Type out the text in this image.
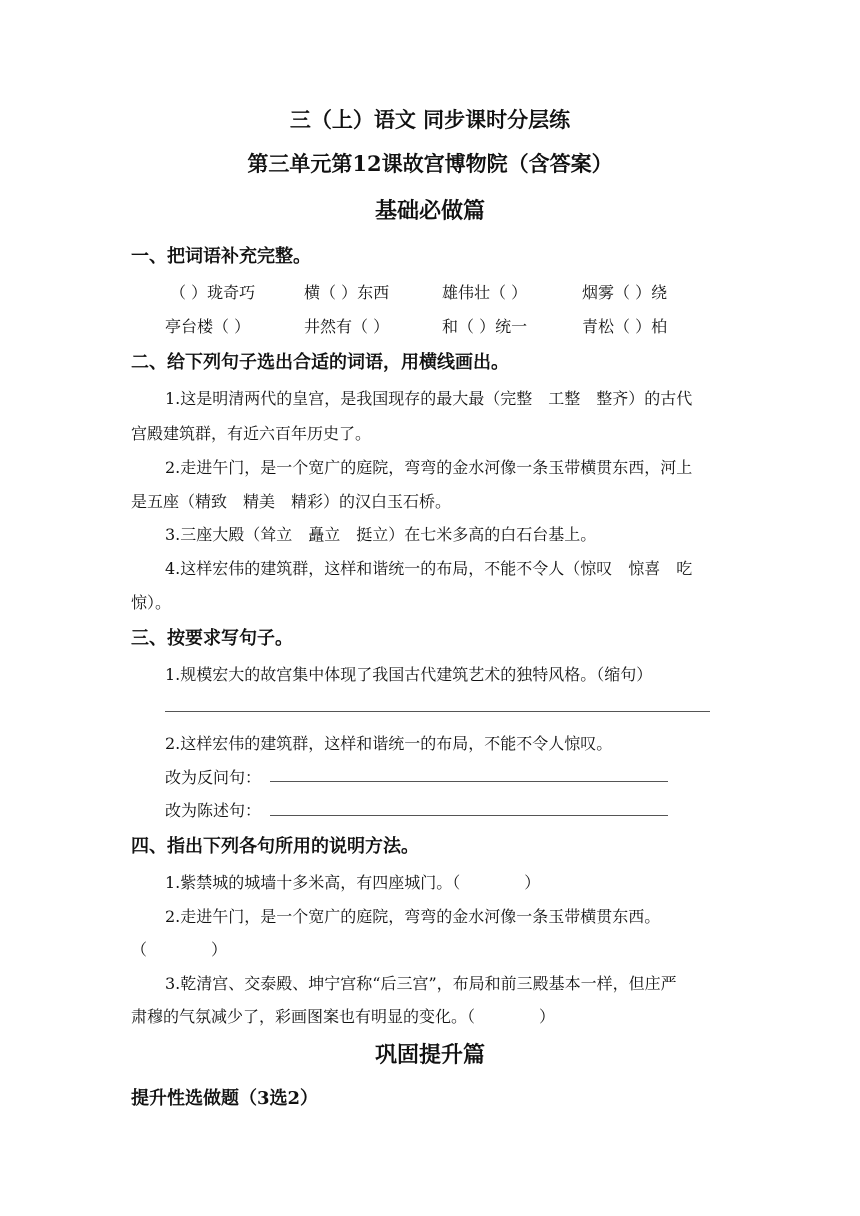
三（上）语文 同步课时分层练
第三单元第12课故宫博物院（含答案）
基础必做篇
一、把词语补充完整。
（ ）珑奇巧	横（ ）东西	雄伟壮（ ）	烟雾（ ）绕
亭台楼（ ）	井然有（ ）	和（ ）统一	青松（ ）柏
二、给下列句子选出合适的词语，用横线画出。
1.这是明清两代的皇宫，是我国现存的最大最（完整　工整　整齐）的古代
宫殿建筑群，有近六百年历史了。
2.走进午门，是一个宽广的庭院，弯弯的金水河像一条玉带横贯东西，河上
是五座（精致　精美　精彩）的汉白玉石桥。
3.三座大殿（耸立　矗立　挺立）在七米多高的白石台基上。
4.这样宏伟的建筑群，这样和谐统一的布局，不能不令人（惊叹　惊喜　吃
惊）。
三、按要求写句子。
1.规模宏大的故宫集中体现了我国古代建筑艺术的独特风格。（缩句）
2.这样宏伟的建筑群，这样和谐统一的布局，不能不令人惊叹。
改为反问句：
改为陈述句：
四、指出下列各句所用的说明方法。
1.紫禁城的城墙十多米高，有四座城门。（　　　　）
2.走进午门，是一个宽广的庭院，弯弯的金水河像一条玉带横贯东西。
（　　　　）
3.乾清宫、交泰殿、坤宁宫称“后三宫”，布局和前三殿基本一样，但庄严
肃穆的气氛减少了，彩画图案也有明显的变化。（　　　　）
巩固提升篇
提升性选做题（3选2）
